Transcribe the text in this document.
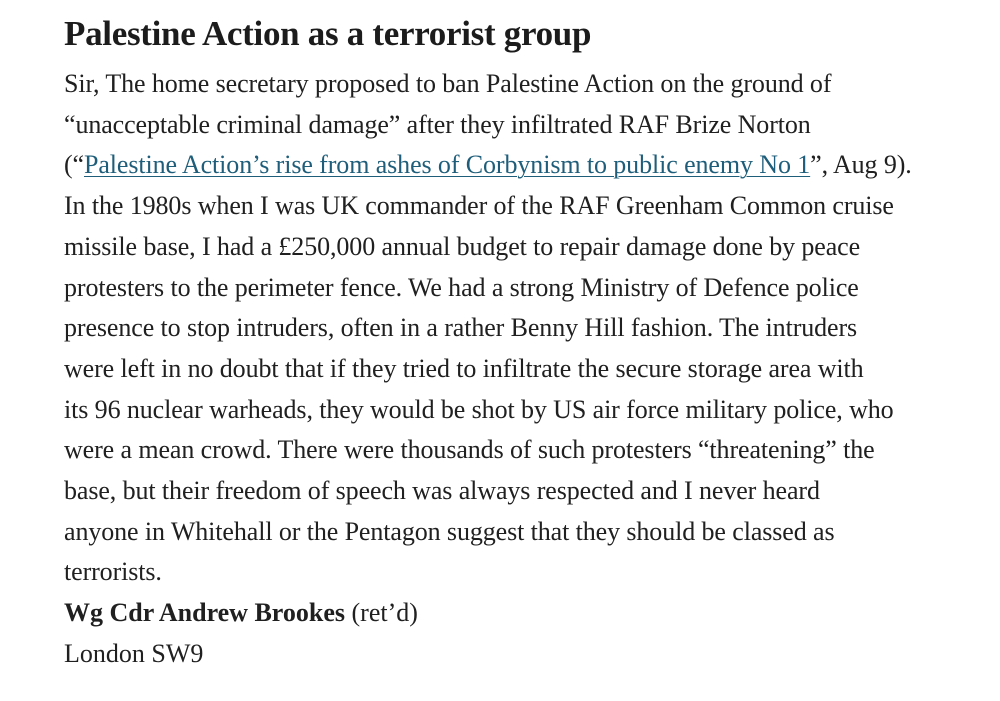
Palestine Action as a terrorist group

Sir, The home secretary proposed to ban Palestine Action on the ground of
“unacceptable criminal damage” after they infiltrated RAF Brize Norton
(“Palestine Action’s rise from ashes of Corbynism to public enemy No 1”, Aug 9).
In the 1980s when I was UK commander of the RAF Greenham Common cruise
missile base, I had a £250,000 annual budget to repair damage done by peace
protesters to the perimeter fence. We had a strong Ministry of Defence police
presence to stop intruders, often in a rather Benny Hill fashion. The intruders
were left in no doubt that if they tried to infiltrate the secure storage area with
its 96 nuclear warheads, they would be shot by US air force military police, who
were a mean crowd. There were thousands of such protesters “threatening” the
base, but their freedom of speech was always respected and I never heard
anyone in Whitehall or the Pentagon suggest that they should be classed as
terrorists.

Wg Cdr Andrew Brookes (ret’d)
London SW9
